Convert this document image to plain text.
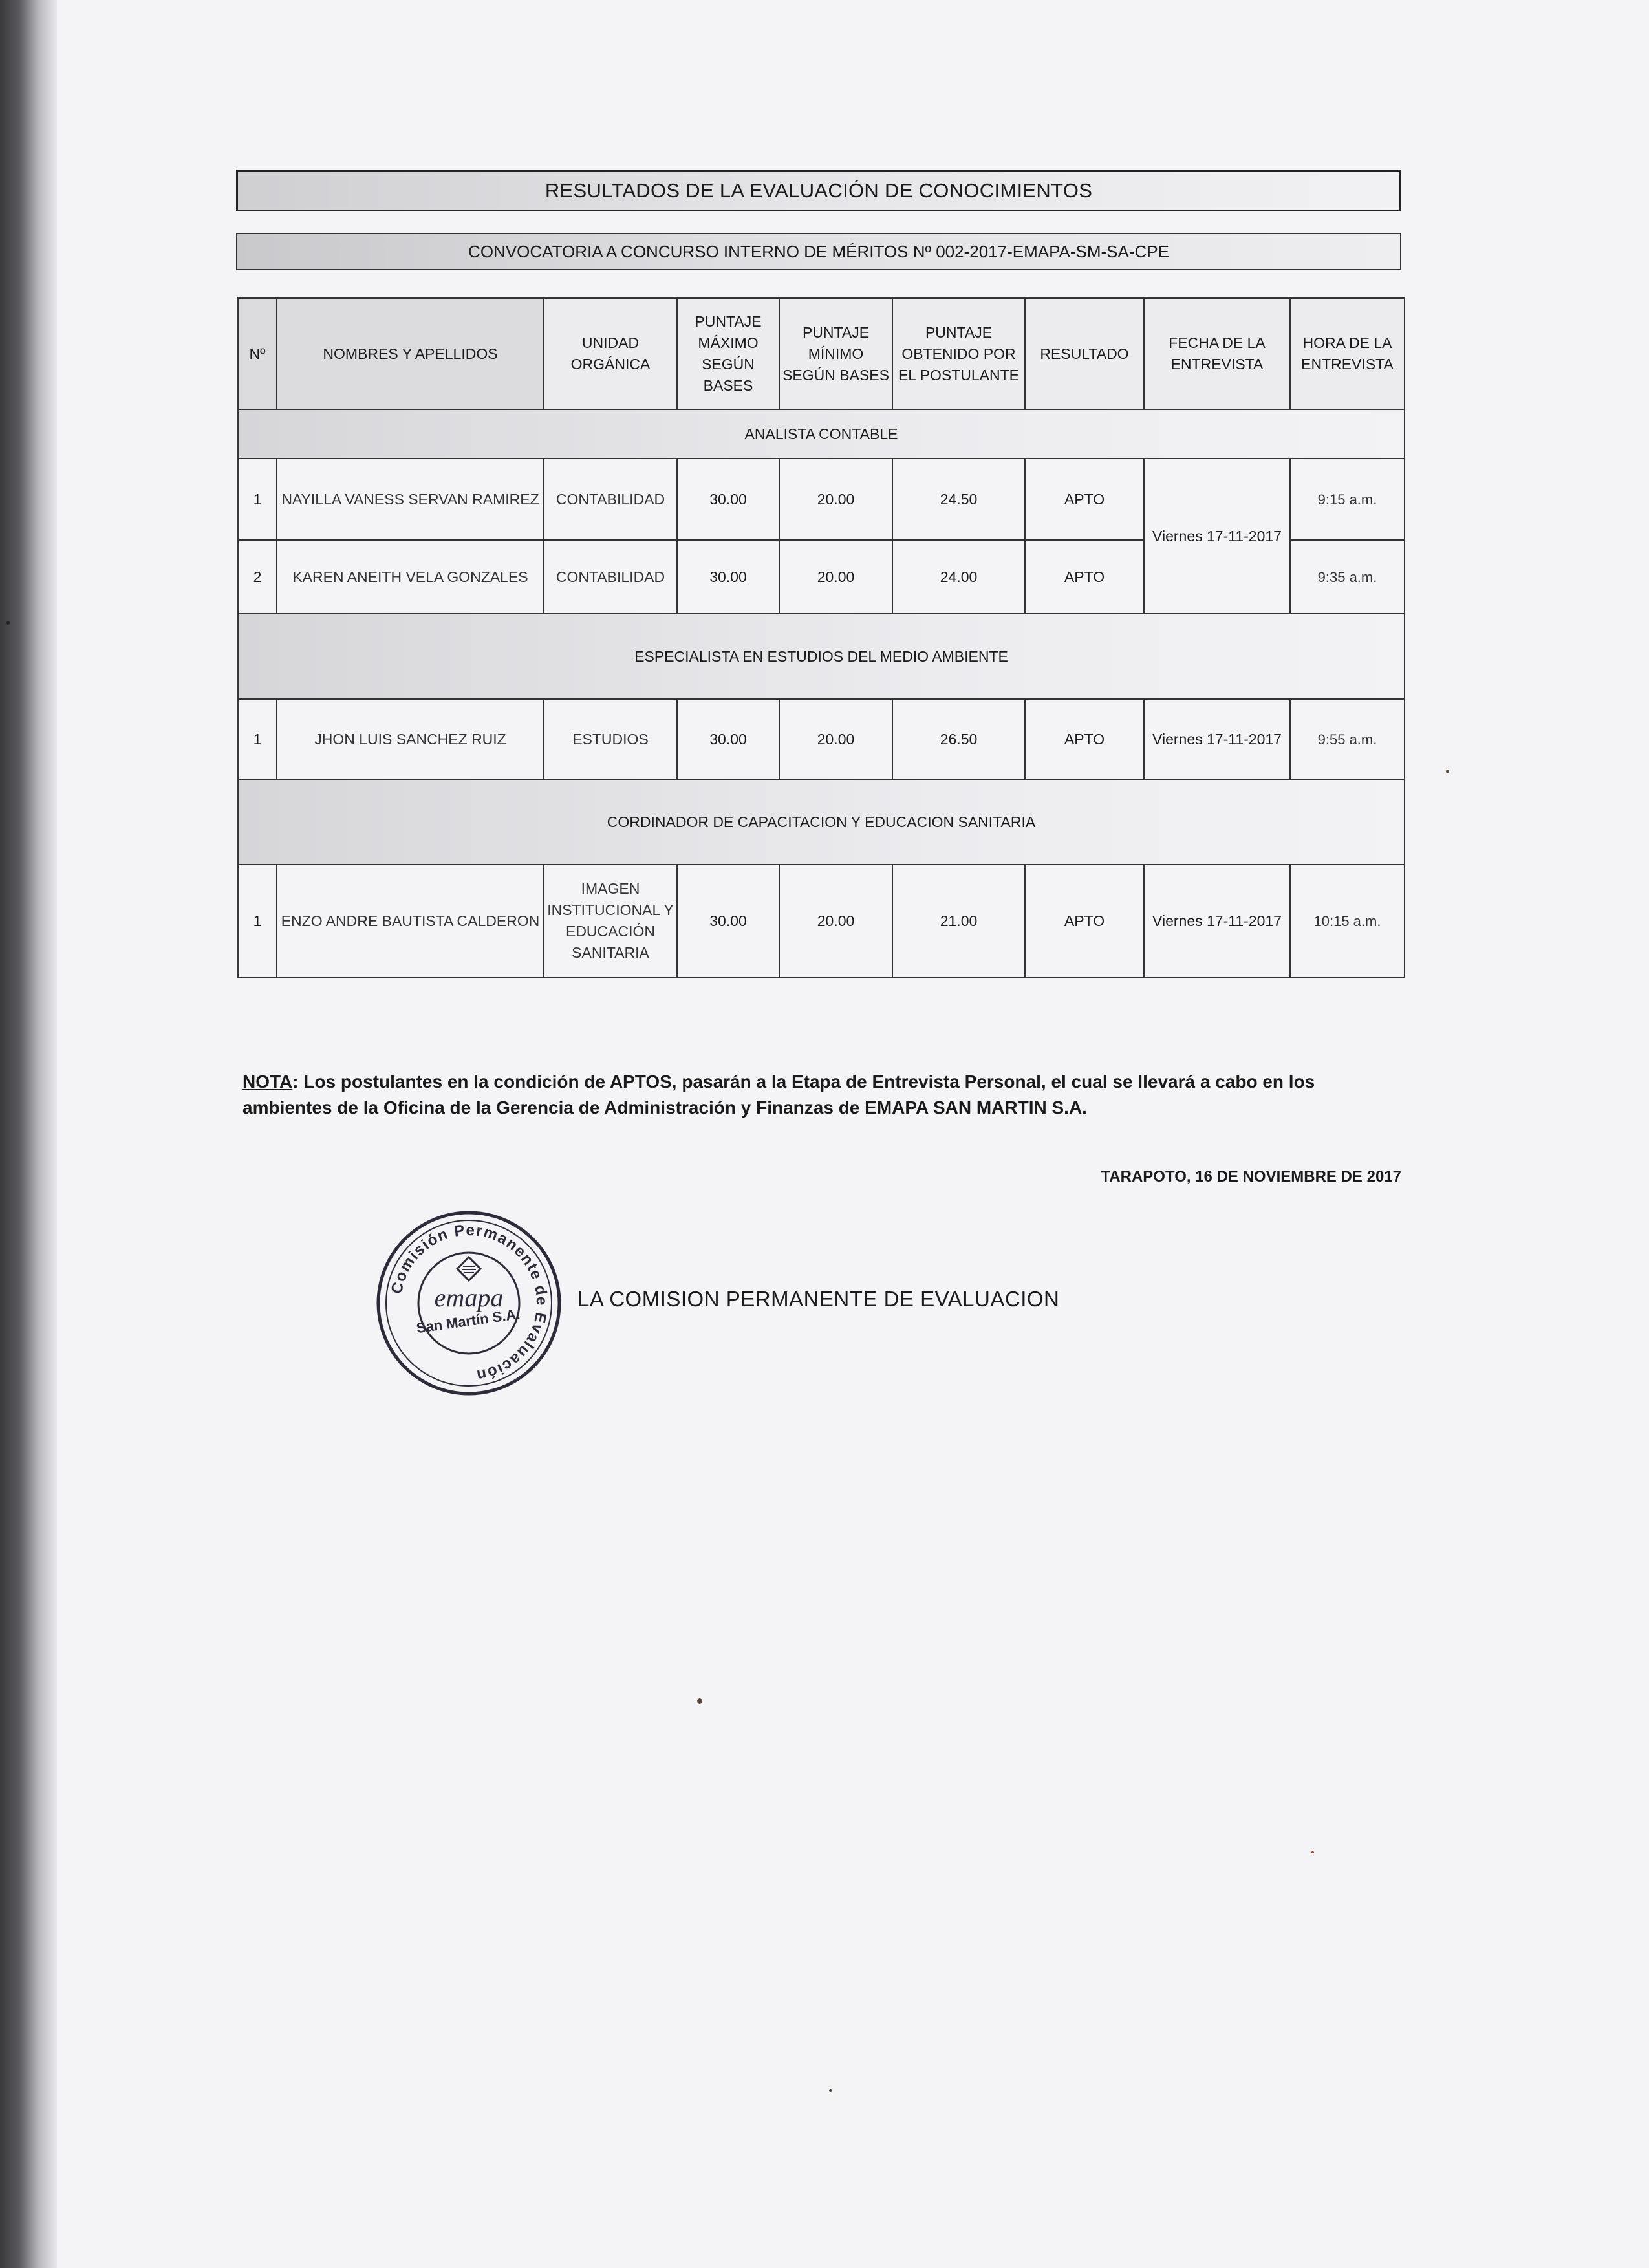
RESULTADOS DE LA EVALUACIÓN DE CONOCIMIENTOS
CONVOCATORIA A CONCURSO INTERNO DE MÉRITOS Nº 002-2017-EMAPA-SM-SA-CPE
Nº	NOMBRES Y APELLIDOS	UNIDAD ORGÁNICA	PUNTAJE MÁXIMO SEGÚN BASES	PUNTAJE MÍNIMO SEGÚN BASES	PUNTAJE OBTENIDO POR EL POSTULANTE	RESULTADO	FECHA DE LA ENTREVISTA	HORA DE LA ENTREVISTA
ANALISTA CONTABLE								
1	NAYILLA VANESS SERVAN RAMIREZ	CONTABILIDAD	30.00	20.00	24.50	APTO	Viernes 17-11-2017	9:15 a.m.
2	KAREN ANEITH VELA GONZALES	CONTABILIDAD	30.00	20.00	24.00	APTO		9:35 a.m.
ESPECIALISTA EN ESTUDIOS DEL MEDIO AMBIENTE								
1	JHON LUIS SANCHEZ RUIZ	ESTUDIOS	30.00	20.00	26.50	APTO	Viernes 17-11-2017	9:55 a.m.
CORDINADOR DE CAPACITACION Y EDUCACION SANITARIA								
1	ENZO ANDRE BAUTISTA CALDERON	IMAGEN INSTITUCIONAL Y EDUCACIÓN SANITARIA	30.00	20.00	21.00	APTO	Viernes 17-11-2017	10:15 a.m.
NOTA: Los postulantes en la condición de APTOS, pasarán a la Etapa de Entrevista Personal, el cual se llevará a cabo en los ambientes de la Oficina de la Gerencia de Administración y Finanzas de EMAPA SAN MARTIN S.A.
TARAPOTO, 16 DE NOVIEMBRE DE 2017
Comisión Permanente de Evaluación
emapa
San Martín S.A.
LA COMISION PERMANENTE DE EVALUACION
